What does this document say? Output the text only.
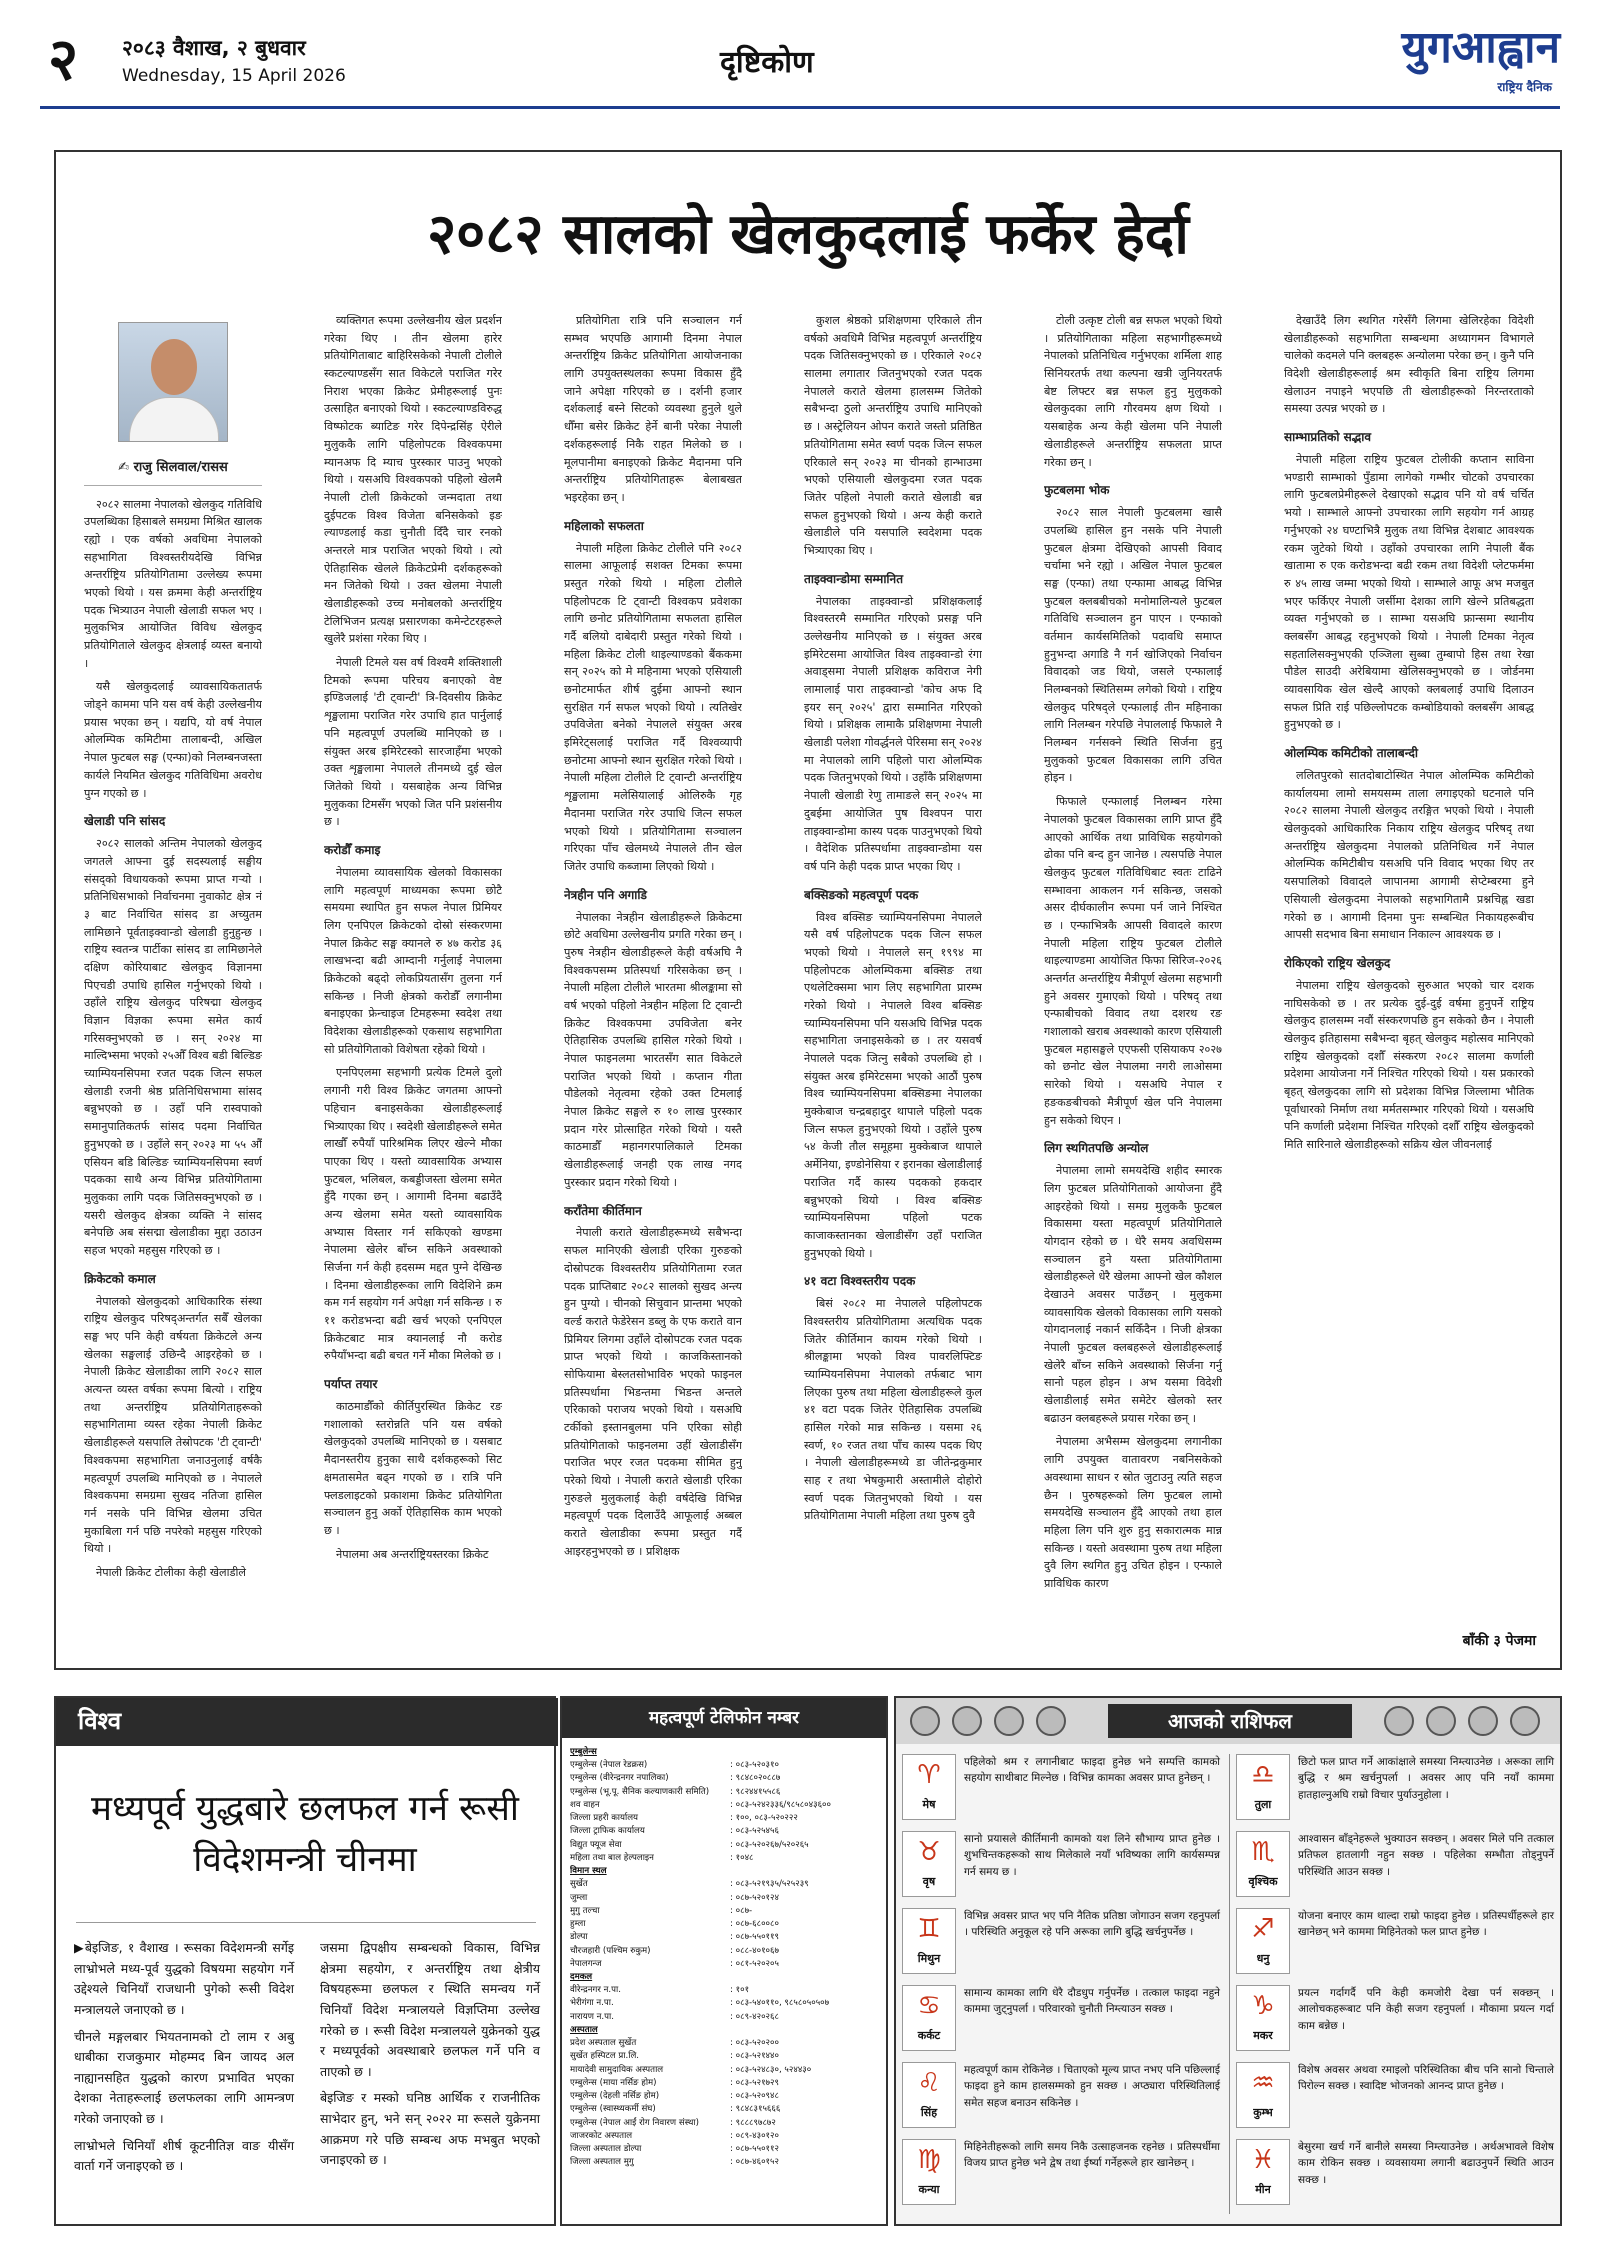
२ २०८३ वैशाख, २ बुधवार
Wednesday, 15 April 2026	दृष्टिकोण	युगआह्वान
राष्ट्रिय दैनिक
२०८२ सालको खेलकुदलाई फर्केर हेर्दा
✍ राजु सिलवाल/रासस

२०८२ सालमा नेपालको खेलकुद गतिविधि उपलब्धिका हिसाबले समग्रमा मिश्रित खालक रह्यो । एक वर्षको अवधिमा नेपालको सहभागिता विश्वस्तरीयदेखि विभिन्न अन्तर्राष्ट्रिय प्रतियोगितामा उल्लेख्य रूपमा भएको थियो । यस क्रममा केही अन्तर्राष्ट्रिय पदक भित्र्याउन नेपाली खेलाडी सफल भए । मुलुकभित्र आयोजित विविध खेलकुद प्रतियोगिताले खेलकुद क्षेत्रलाई व्यस्त बनायो ।

यसै खेलकुदलाई व्यावसायिकतातर्फ जोड्ने काममा पनि यस वर्ष केही उल्लेखनीय प्रयास भएका छन् । यद्यपि, यो वर्ष नेपाल ओलम्पिक कमिटीमा तालाबन्दी, अखिल नेपाल फुटबल सङ्घ (एन्फा)को निलम्बनजस्ता कार्यले नियमित खेलकुद गतिविधिमा अवरोध पुग्न गएको छ ।

खेलाडी पनि सांसद

२०८२ सालको अन्तिम नेपालको खेलकुद जगतले आफ्ना दुई सदस्यलाई सङ्घीय संसद्को विधायकको रूपमा प्राप्त गऱ्यो । प्रतिनिधिसभाको निर्वाचनमा नुवाकोट क्षेत्र नं ३ बाट निर्वाचित सांसद डा अच्युतम लामिछाने पूर्वताइक्वान्डो खेलाडी हुनुहुन्छ । राष्ट्रिय स्वतन्त्र पार्टीका सांसद डा लामिछानेले दक्षिण कोरियाबाट खेलकुद विज्ञानमा पिएचडी उपाधि हासिल गर्नुभएको थियो । उहाँले राष्ट्रिय खेलकुद परिषद्मा खेलकुद विज्ञान विज्ञका रूपमा समेत कार्य गरिसक्नुभएको छ । सन् २०२४ मा माल्दिभ्समा भएको २५औँ विश्व बडी बिल्डिङ च्याम्पियनसिपमा रजत पदक जित्न सफल खेलाडी रजनी श्रेष्ठ प्रतिनिधिसभामा सांसद बन्नुभएको छ । उहाँ पनि रास्वपाको समानुपातिकतर्फ सांसद पदमा निर्वाचित हुनुभएको छ । उहाँले सन् २०२३ मा ५५ औँ एसियन बडि बिल्डिङ च्याम्पियनसिपमा स्वर्ण पदकका साथै अन्य विभिन्न प्रतियोगितामा मुलुकका लागि पदक जितिसक्नुभएको छ । यसरी खेलकुद क्षेत्रका व्यक्ति ने सांसद बनेपछि अब संसद्मा खेलाडीका मुद्दा उठाउन सहज भएको महसुस गरिएको छ ।

क्रिकेटको कमाल

नेपालको खेलकुदको आधिकारिक संस्था राष्ट्रिय खेलकुद परिषद्अन्तर्गत सबैँ खेलका सङ्घ भए पनि केही वर्षयता क्रिकेटले अन्य खेलका सङ्घलाई उछिन्दै आइरहेको छ । नेपाली क्रिकेट खेलाडीका लागि २०८२ साल अत्यन्त व्यस्त वर्षका रूपमा बित्यो । राष्ट्रिय तथा अन्तर्राष्ट्रिय प्रतियोगिताहरूको सहभागितामा व्यस्त रहेका नेपाली क्रिकेट खेलाडीहरूले यसपालि तेस्रोपटक 'टी ट्वान्टी' विश्वकपमा सहभागिता जनाउनुलाई वर्षकै महत्वपूर्ण उपलब्धि मानिएको छ । नेपालले विश्वकपमा समग्रमा सुखद नतिजा हासिल गर्न नसके पनि विभिन्न खेलमा उचित मुकाबिला गर्न पछि नपरेको महसुस गरिएको थियो ।

नेपाली क्रिकेट टोलीका केही खेलाडीले

व्यक्तिगत रूपमा उल्लेखनीय खेल प्रदर्शन गरेका थिए । तीन खेलमा हारेर प्रतियोगिताबाट बाहिरिसकेको नेपाली टोलीले स्कटल्याण्डसँग सात विकेटले पराजित गरेर निराश भएका क्रिकेट प्रेमीहरूलाई पुनः उत्साहित बनाएको थियो । स्कटल्याण्डविरुद्ध विष्फोटक ब्याटिङ गरेर दिपेन्द्रसिंह ऐरीले मुलुककै लागि पहिलोपटक विश्वकपमा म्यानअफ दि म्याच पुरस्कार पाउनु भएको थियो । यसअघि विश्वकपको पहिलो खेलमै नेपाली टोली क्रिकेटको जन्मदाता तथा दुईपटक विश्व विजेता बनिसकेको इङ ल्याण्डलाई कडा चुनौती दिँदै चार रनको अन्तरले मात्र पराजित भएको थियो । त्यो ऐतिहासिक खेलले क्रिकेटप्रेमी दर्शकहरूको मन जितेको थियो । उक्त खेलमा नेपाली खेलाडीहरूको उच्च मनोबलको अन्तर्राष्ट्रिय टेलिभिजन प्रत्यक्ष प्रसारणका कमेन्टेटरहरूले खुलेरै प्रशंसा गरेका थिए ।

नेपाली टिमले यस वर्ष विश्वमै शक्तिशाली टिमको रूपमा परिचय बनाएको वेष्ट इण्डिजलाई 'टी ट्वान्टी' त्रि-दिवसीय क्रिकेट शृङ्खलामा पराजित गरेर उपाधि हात पार्नुलाई पनि महत्वपूर्ण उपलब्धि मानिएको छ । संयुक्त अरब इमिरेटस्को सारजाहँमा भएको उक्त शृङ्खलामा नेपालले तीनमध्ये दुई खेल जितेको थियो । यसबाहेक अन्य विभिन्न मुलुकका टिमसँग भएको जित पनि प्रशंसनीय छ ।

करोडौँ कमाइ

नेपालमा व्यावसायिक खेलको विकासका लागि महत्वपूर्ण माध्यमका रूपमा छोटै समयमा स्थापित हुन सफल नेपाल प्रिमियर लिग एनपिएल क्रिकेटको दोस्रो संस्करणमा नेपाल क्रिकेट सङ्घ क्यानले रु ४७ करोड ३६ लाखभन्दा बढी आम्दानी गर्नुलाई नेपालमा क्रिकेटको बढ्दो लोकप्रियतासँग तुलना गर्न सकिन्छ । निजी क्षेत्रको करोडौँ लगानीमा बनाइएका फ्रेन्चाइज टिमहरूमा स्वदेश तथा विदेशका खेलाडीहरूको एकसाथ सहभागिता सो प्रतियोगिताको विशेषता रहेको थियो ।

एनपिएलमा सहभागी प्रत्येक टिमले दुलो लगानी गरी विश्व क्रिकेट जगतमा आफ्नो पहिचान बनाइसकेका खेलाडीहरूलाई भित्र्याएका थिए । स्वदेशी खेलाडीहरूले समेत लाखौँ रुपैयाँ पारिश्रमिक लिएर खेल्ने मौका पाएका थिए । यस्तो व्यावसायिक अभ्यास फुटबल, भलिबल, कबड्डीजस्ता खेलमा समेत हुँदै गएका छन् । आगामी दिनमा बढाउँदै अन्य खेलमा समेत यस्तो व्यावसायिक अभ्यास विस्तार गर्न सकिएको खण्डमा नेपालमा खेलेर बाँच्न सकिने अवस्थाको सिर्जना गर्न केही हदसम्म मद्दत पुग्ने देखिन्छ । दिनमा खेलाडीहरूका लागि विदेशिने क्रम कम गर्न सहयोग गर्न अपेक्षा गर्न सकिन्छ । रु ११ करोडभन्दा बढी खर्च भएको एनपिएल क्रिकेटबाट मात्र क्यानलाई नौ करोड रुपैयाँभन्दा बढी बचत गर्ने मौका मिलेको छ ।

पर्याप्त तयार

काठमाडौँको कीर्तिपुरस्थित क्रिकेट रङ गशालाको स्तरोन्नति पनि यस वर्षको खेलकुदको उपलब्धि मानिएको छ । यसबाट मैदानस्तरीय हुनुका साथै दर्शकहरूको सिट क्षमतासमेत बढ्न गएको छ । रात्रि पनि फ्लडलाइटको प्रकाशमा क्रिकेट प्रतियोगिता सञ्चालन हुनु अर्को ऐतिहासिक काम भएको छ ।

नेपालमा अब अन्तर्राष्ट्रियस्तरका क्रिकेट

प्रतियोगिता रात्रि पनि सञ्चालन गर्न सम्भव भएपछि आगामी दिनमा नेपाल अन्तर्राष्ट्रिय क्रिकेट प्रतियोगिता आयोजनाका लागि उपयुक्तस्थलका रूपमा विकास हुँदै जाने अपेक्षा गरिएको छ । दर्शनी हजार दर्शकलाई बस्ने सिटको व्यवस्था हुनुले थुले धौँमा बसेर क्रिकेट हेर्ने बानी परेका नेपाली दर्शकहरूलाई निकै राहत मिलेको छ । मूलपानीमा बनाइएको क्रिकेट मैदानमा पनि अन्तर्राष्ट्रिय प्रतियोगिताहरू बेलाबखत भइरहेका छन् ।

महिलाको सफलता

नेपाली महिला क्रिकेट टोलीले पनि २०८२ सालमा आफूलाई सशक्त टिमका रूपमा प्रस्तुत गरेको थियो । महिला टोलीले पहिलोपटक टि ट्वान्टी विश्वकप प्रवेशका लागि छनोट प्रतियोगितामा सफलता हासिल गर्दै बलियो दाबेदारी प्रस्तुत गरेको थियो । महिला क्रिकेट टोली थाइल्याण्डको बैंककमा सन् २०२५ को मे महिनामा भएको एसियाली छनोटमार्फत शीर्ष दुईमा आफ्नो स्थान सुरक्षित गर्न सफल भएको थियो । त्यतिखेर उपविजेता बनेको नेपालले संयुक्त अरब इमिरेट्सलाई पराजित गर्दै विश्वव्यापी छनोटमा आफ्नो स्थान सुरक्षित गरेको थियो । नेपाली महिला टोलीले टि ट्वान्टी अन्तर्राष्ट्रिय शृङ्खलामा मलेसियालाई ओलिरुकै गृह मैदानमा पराजित गरेर उपाधि जित्न सफल भएको थियो । प्रतियोगितामा सञ्चालन गरिएका पाँच खेलमध्ये नेपालले तीन खेल जितेर उपाधि कब्जामा लिएको थियो ।

नेत्रहीन पनि अगाडि

नेपालका नेत्रहीन खेलाडीहरूले क्रिकेटमा छोटे अवधिमा उल्लेखनीय प्रगति गरेका छन् । पुरुष नेत्रहीन खेलाडीहरूले केही वर्षअघि नै विश्वकपसम्म प्रतिस्पर्धा गरिसकेका छन् । नेपाली महिला टोलीले भारतमा श्रीलङ्कामा सो वर्ष भएको पहिलो नेत्रहीन महिला टि ट्वान्टी क्रिकेट विश्वकपमा उपविजेता बनेर ऐतिहासिक उपलब्धि हासिल गरेको थियो । नेपाल फाइनलमा भारतसँग सात विकेटले पराजित भएको थियो । कप्तान गीता पौडेलको नेतृत्वमा रहेको उक्त टिमलाई नेपाल क्रिकेट सङ्घले रु १० लाख पुरस्कार प्रदान गरेर प्रोत्साहित गरेको थियो । यस्तै काठमाडौँ महानगरपालिकाले टिमका खेलाडीहरूलाई जनही एक लाख नगद पुरस्कार प्रदान गरेको थियो ।

कराँतेमा कीर्तिमान

नेपाली कराते खेलाडीहरूमध्ये सबैभन्दा सफल मानिएकी खेलाडी एरिका गुरुङको दोस्रोपटक विश्वस्तरीय प्रतियोगितामा रजत पदक प्राप्तिबाट २०८२ सालको सुखद अन्त्य हुन पुग्यो । चीनको सिचुवान प्रान्तमा भएको वर्ल्ड कराते फेडेरेसन डब्लु के एफ कराते वान प्रिमियर लिगमा उहाँले दोस्रोपटक रजत पदक प्राप्त भएको थियो । काजकिस्तानको सोफियामा बेस्लतसोभाविरु भएको फाइनल प्रतिस्पर्धामा भिडन्तमा भिडन्त अन्तले एरिकाको पराजय भएको थियो । यसअघि टर्कीको इस्तानबुलमा पनि एरिका सोही प्रतियोगिताको फाइनलमा उहीं खेलाडीसँग पराजित भएर रजत पदकमा सीमित हुनु परेको थियो । नेपाली कराते खेलाडी एरिका गुरुङले मुलुकलाई केही वर्षदेखि विभिन्न महत्वपूर्ण पदक दिलाउँदै आफूलाई अब्बल कराते खेलाडीका रूपमा प्रस्तुत गर्दै आइरहनुभएको छ । प्रशिक्षक

कुशल श्रेष्ठको प्रशिक्षणमा एरिकाले तीन वर्षको अवधिमै विभिन्न महत्वपूर्ण अन्तर्राष्ट्रिय पदक जितिसक्नुभएको छ । एरिकाले २०८२ सालमा लगातार जितनुभएको रजत पदक नेपालले कराते खेलमा हालसम्म जितेको सबैभन्दा ठुलो अन्तर्राष्ट्रिय उपाधि मानिएको छ । अस्ट्रेलियन ओपन कराते जस्तो प्रतिष्ठित प्रतियोगितामा समेत स्वर्ण पदक जित्न सफल एरिकाले सन् २०२३ मा चीनको हान्भाउमा भएको एसियाली खेलकुदमा रजत पदक जितेर पहिलो नेपाली कराते खेलाडी बन्न सफल हुनुभएको थियो । अन्य केही कराते खेलाडीले पनि यसपालि स्वदेशमा पदक भित्र्याएका थिए ।

ताइक्वान्डोमा सम्मानित

नेपालका ताइक्वान्डो प्रशिक्षकलाई विश्वस्तरमै सम्मानित गरिएको प्रसङ्ग पनि उल्लेखनीय मानिएको छ । संयुक्त अरब इमिरेटसमा आयोजित विश्व ताइक्वान्डो रंगा अवाड्समा नेपाली प्रशिक्षक कविराज नेगी लामालाई पारा ताइक्वान्डो 'कोच अफ दि इयर सन् २०२५' द्वारा सम्मानित गरिएको थियो । प्रशिक्षक लामाकै प्रशिक्षणमा नेपाली खेलाडी पलेशा गोवर्द्धनले पेरिसमा सन् २०२४ मा नेपालको लागि पहिलो पारा ओलम्पिक पदक जितनुभएको थियो । उहाँकै प्रशिक्षणमा नेपाली खेलाडी रेणु तामाङले सन् २०२५ मा दुबईमा आयोजित पुष विश्वपन पारा ताइक्वान्डोमा कास्य पदक पाउनुभएको थियो । वैदेशिक प्रतिस्पर्धामा ताइक्वान्डोमा यस वर्ष पनि केही पदक प्राप्त भएका थिए ।

बक्सिङको महत्वपूर्ण पदक

विश्व बक्सिङ च्याम्पियनसिपमा नेपालले यसै वर्ष पहिलोपटक पदक जित्न सफल भएको थियो । नेपालले सन् १९९४ मा पहिलोपटक ओलम्पिकमा बक्सिङ तथा एथलेटिक्समा भाग लिए सहभागिता प्रारम्भ गरेको थियो । नेपालले विश्व बक्सिङ च्याम्पियनसिपमा पनि यसअघि विभिन्न पदक सहभागिता जनाइसकेको छ । तर यसवर्ष नेपालले पदक जित्नु सबैको उपलब्धि हो । संयुक्त अरब इमिरेटसमा भएको आठौं पुरुष विश्व च्याम्पियनसिपमा बक्सिङमा नेपालका मुक्केबाज चन्द्रबहादुर थापाले पहिलो पदक जित्न सफल हुनुभएको थियो । उहाँले पुरुष ५४ केजी तौल समूहमा मुक्केबाज थापाले अर्मेनिया, इण्डोनेसिया र इरानका खेलाडीलाई पराजित गर्दै कास्य पदकको हकदार बन्नुभएको थियो । विश्व बक्सिङ च्याम्पियनसिपमा पहिलो पटक काजाकस्तानका खेलाडीसँग उहाँ पराजित हुनुभएको थियो ।

४१ वटा विश्वस्तरीय पदक

बिसं २०८२ मा नेपालले पहिलोपटक विश्वस्तरीय प्रतियोगितामा अत्यधिक पदक जितेर कीर्तिमान कायम गरेको थियो । श्रीलङ्कामा भएको विश्व पावरलिफ्टिङ च्याम्पियनसिपमा नेपालको तर्फबाट भाग लिएका पुरुष तथा महिला खेलाडीहरूले कुल ४१ वटा पदक जितेर ऐतिहासिक उपलब्धि हासिल गरेको मान्न सकिन्छ । यसमा २६ स्वर्ण, १० रजत तथा पाँच कास्य पदक थिए । नेपाली खेलाडीहरूमध्ये डा जीतेन्द्रकुमार साह र तथा भेषकुमारी अस्तामीले दोहोरो स्वर्ण पदक जितनुभएको थियो । यस प्रतियोगितामा नेपाली महिला तथा पुरुष दुवै

टोली उत्कृष्ट टोली बन्न सफल भएको थियो । प्रतियोगिताका महिला सहभागीहरूमध्ये नेपालको प्रतिनिधित्व गर्नुभएका शर्मिला शाह सिनियरतर्फ तथा कल्पना खत्री जुनियरतर्फ बेष्ट लिफ्टर बन्न सफल हुनु मुलुकको खेलकुदका लागि गौरवमय क्षण थियो । यसबाहेक अन्य केही खेलमा पनि नेपाली खेलाडीहरूले अन्तर्राष्ट्रिय सफलता प्राप्त गरेका छन् ।

फुटबलमा भोक

२०८२ साल नेपाली फुटबलमा खासै उपलब्धि हासिल हुन नसके पनि नेपाली फुटबल क्षेत्रमा देखिएको आपसी विवाद चर्चामा भने रह्यो । अखिल नेपाल फुटबल सङ्घ (एन्फा) तथा एन्फामा आबद्ध विभिन्न फुटबल क्लबबीचको मनोमालिन्यले फुटबल गतिविधि सञ्चालन हुन पाएन । एन्फाको वर्तमान कार्यसमितिको पदावधि समाप्त हुनुभन्दा अगाडि नै गर्न खोजिएको निर्वाचन विवादको जड थियो, जसले एन्फालाई निलम्बनको स्थितिसम्म लगेको थियो । राष्ट्रिय खेलकुद परिषद्ले एन्फालाई तीन महिनाका लागि निलम्बन गरेपछि नेपाललाई फिफाले नै निलम्बन गर्नसक्ने स्थिति सिर्जना हुनु मुलुकको फुटबल विकासका लागि उचित होइन ।

फिफाले एन्फालाई निलम्बन गरेमा नेपालको फुटबल विकासका लागि प्राप्त हुँदै आएको आर्थिक तथा प्राविधिक सहयोगको ढोका पनि बन्द हुन जानेछ । त्यसपछि नेपाल खेलकुद फुटबल गतिविधिबाट स्वतः टाढिने सम्भावना आकलन गर्न सकिन्छ, जसको असर दीर्घकालीन रूपमा पर्न जाने निश्चित छ । एन्फाभित्रकै आपसी विवादले कारण नेपाली महिला राष्ट्रिय फुटबल टोलीले थाइल्याण्डमा आयोजित फिफा सिरिज-२०२६ अन्तर्गत अन्तर्राष्ट्रिय मैत्रीपूर्ण खेलमा सहभागी हुने अवसर गुमाएको थियो । परिषद् तथा एन्फाबीचको विवाद तथा दशरथ रङ गशालाको खराब अवस्थाको कारण एसियाली फुटबल महासङ्घले एएफसी एसियाकप २०२७ को छनोट खेल नेपालमा नगरी लाओसमा सारेको थियो । यसअघि नेपाल र हङकङबीचको मैत्रीपूर्ण खेल पनि नेपालमा हुन सकेको थिएन ।

लिग स्थगितपछि अन्योल

नेपालमा लामो समयदेखि शहीद स्मारक लिग फुटबल प्रतियोगिताको आयोजना हुँदै आइरहेको थियो । समग्र मुलुककै फुटबल विकासमा यस्ता महत्वपूर्ण प्रतियोगिताले योगदान रहेको छ । धेरै समय अवधिसम्म सञ्चालन हुने यस्ता प्रतियोगितामा खेलाडीहरूले धेरै खेलमा आफ्नो खेल कौशल देखाउने अवसर पाउँछन् । मुलुकमा व्यावसायिक खेलको विकासका लागि यसको योगदानलाई नकार्न सकिँदैन । निजी क्षेत्रका नेपाली फुटबल क्लबहरूले खेलाडीहरूलाई खेलेरै बाँच्न सकिने अवस्थाको सिर्जना गर्नु सानो पहल होइन । अभ यसमा विदेशी खेलाडीलाई समेत समेटेर खेलको स्तर बढाउन क्लबहरूले प्रयास गरेका छन् ।

नेपालमा अभैसम्म खेलकुदमा लगानीका लागि उपयुक्त वातावरण नबनिसकेको अवस्थामा साधन र स्रोत जुटाउनु त्यति सहज छैन । पुरुषहरूको लिग फुटबल लामो समयदेखि सञ्चालन हुँदै आएको तथा हाल महिला लिग पनि शुरु हुनु सकारात्मक मान्न सकिन्छ । यस्तो अवस्थामा पुरुष तथा महिला दुवै लिग स्थगित हुनु उचित होइन । एन्फाले प्राविधिक कारण

देखाउँदै लिग स्थगित गरेसँगै लिगमा खेलिरहेका विदेशी खेलाडीहरूको सहभागिता सम्बन्धमा अध्यागमन विभागले चालेको कदमले पनि क्लबहरू अन्योलमा परेका छन् । कुनै पनि विदेशी खेलाडीहरूलाई श्रम स्वीकृति बिना राष्ट्रिय लिगमा खेलाउन नपाइने भएपछि ती खेलाडीहरूको निरन्तरताको समस्या उत्पन्न भएको छ ।

साम्भाप्रतिको सद्भाव

नेपाली महिला राष्ट्रिय फुटबल टोलीकी कप्तान साविना भण्डारी साम्भाको पुँडामा लागेको गम्भीर चोटको उपचारका लागि फुटबलप्रेमीहरूले देखाएको सद्भाव पनि यो वर्ष चर्चित भयो । साम्भाले आफ्नो उपचारका लागि सहयोग गर्न आग्रह गर्नुभएको २४ घण्टाभित्रै मुलुक तथा विभिन्न देशबाट आवश्यक रकम जुटेको थियो । उहाँको उपचारका लागि नेपाली बैंक खातामा रु एक करोडभन्दा बढी रकम तथा विदेशी प्लेटफर्ममा रु ४५ लाख जम्मा भएको थियो । साम्भाले आफू अभ मजबुत भएर फर्किएर नेपाली जर्सीमा देशका लागि खेल्ने प्रतिबद्धता व्यक्त गर्नुभएको छ । साम्भा यसअघि फ्रान्समा स्थानीय क्लबसँग आबद्ध रहनुभएको थियो । नेपाली टिमका नेतृत्व सहतालिसक्नुभएकी एञ्जिला सुब्बा तुम्बापो हिस तथा रेखा पौडेल साउदी अरेबियामा खेलिसक्नुभएको छ । जोर्डनमा व्यावसायिक खेल खेल्दै आएको क्लबलाई उपाधि दिलाउन सफल प्रिति राई पछिल्लोपटक कम्बोडियाको क्लबसँग आबद्ध हुनुभएको छ ।

ओलम्पिक कमिटीको तालाबन्दी

ललितपुरको सातदोबाटोस्थित नेपाल ओलम्पिक कमिटीको कार्यालयमा लामो समयसम्म ताला लगाइएको घटनाले पनि २०८२ सालमा नेपाली खेलकुद तरङ्गित भएको थियो । नेपाली खेलकुदको आधिकारिक निकाय राष्ट्रिय खेलकुद परिषद् तथा अन्तर्राष्ट्रिय खेलकुदमा नेपालको प्रतिनिधित्व गर्ने नेपाल ओलम्पिक कमिटीबीच यसअघि पनि विवाद भएका थिए तर यसपालिको विवादले जापानमा आगामी सेप्टेम्बरमा हुने एसियाली खेलकुदमा नेपालको सहभागितामै प्रश्नचिह्न खडा गरेको छ । आगामी दिनमा पुनः सम्बन्धित निकायहरूबीच आपसी सदभाव बिना समाधान निकाल्न आवश्यक छ ।

रोकिएको राष्ट्रिय खेलकुद

नेपालमा राष्ट्रिय खेलकुदको सुरुआत भएको चार दशक नाघिसकेको छ । तर प्रत्येक दुई-दुई वर्षमा हुनुपर्ने राष्ट्रिय खेलकुद हालसम्म नवौं संस्करणपछि हुन सकेको छैन । नेपाली खेलकुद इतिहासमा सबैभन्दा बृहत् खेलकुद महोत्सव मानिएको राष्ट्रिय खेलकुदको दशौँ संस्करण २०८२ सालमा कर्णाली प्रदेशमा आयोजना गर्ने निश्चित गरिएको थियो । यस प्रकारको बृहत् खेलकुदका लागि सो प्रदेशका विभिन्न जिल्लामा भौतिक पूर्वाधारको निर्माण तथा मर्मतसम्भार गरिएको थियो । यसअघि पनि कर्णाली प्रदेशमा निश्चित गरिएको दशौँ राष्ट्रिय खेलकुदको मिति सारिनाले खेलाडीहरूको सक्रिय खेल जीवनलाई

बाँकी ३ पेजमा
विश्व
मध्यपूर्व युद्धबारे छलफल गर्न रूसी विदेशमन्त्री चीनमा

▶बेइजिङ, १ वैशाख । रूसका विदेशमन्त्री सर्गेइ लाभ्रोभले मध्य-पूर्व युद्धको विषयमा सहयोग गर्ने उद्देश्यले चिनियाँ राजधानी पुगेको रूसी विदेश मन्त्रालयले जनाएको छ ।

चीनले मङ्गलबार भियतनामको टो लाम र अबु धाबीका राजकुमार मोहम्मद बिन जायद अल नाह्यानसहित युद्धको कारण प्रभावित भएका देशका नेताहरूलाई छलफलका लागि आमन्त्रण गरेको जनाएको छ ।

लाभ्रोभले चिनियाँ शीर्ष कूटनीतिज्ञ वाङ यीसँग वार्ता गर्ने जनाइएको छ ।

जसमा द्विपक्षीय सम्बन्धको विकास, विभिन्न क्षेत्रमा सहयोग, र अन्तर्राष्ट्रिय तथा क्षेत्रीय विषयहरूमा छलफल र स्थिति समन्वय गर्ने चिनियाँ विदेश मन्त्रालयले विज्ञप्तिमा उल्लेख गरेको छ । रूसी विदेश मन्त्रालयले युक्रेनको युद्ध र मध्यपूर्वको अवस्थाबारे छलफल गर्ने पनि व ताएको छ ।

बेइजिङ र मस्को घनिष्ठ आर्थिक र राजनीतिक साभेदार हुन्, भने सन् २०२२ मा रूसले युक्रेनमा आक्रमण गरे पछि सम्बन्ध अफ मभबुत भएको जनाइएको छ ।

महत्वपूर्ण टेलिफोन नम्बर
एम्बुलेन्स
एम्बुलेन्स (नेपाल रेडक्रस)	: ०८३-५२०३१०
एम्बुलेन्स (वीरेन्द्रनगर नपालिका)	: ९८४८०२०८८७
एम्बुलेन्स (भू.पू. सैनिक कल्याणकारी समिति)	: ९८२४४१५५८६
शव वाहन	: ०८३-५२४२३३६/९८५८०४३६००
जिल्ला प्रहरी कार्यालय	: १००, ०८३-५२०२२२
जिल्ला ट्राफिक कार्यालय	: ०८३-५२५४५६
विद्युत फ्यूज सेवा	: ०८३-५२०२६७/५२०२६५
महिला तथा बाल हेल्पलाइन	: १०४८
विमान स्थल
सुर्खेत	: ०८३-५२१९३५/५२५२३९
जुम्ला	: ०८७-५२०१२४
मुगु तल्चा	: ०८७-
हुम्ला	: ०८७-६८००८०
डोल्पा	: ०८७-५५०११९
चौरजहारी (पश्चिम रुकुम)	: ०८८-४०१०६७
नेपालगन्ज	: ०८१-५२०२०५
दमकल
वीरेन्द्रनगर न.पा.	: १०१
भेरीगंगा न.पा.	: ०८३-५४०११०, ९८५८०५०५०७
नारायण न.पा.	: ०८९-४२०२६८
अस्पताल
प्रदेश अस्पताल सुर्खेत	: ०८३-५२०२००
सुर्खेत हस्पिटल प्रा.लि.	: ०८३-५२१४४०
मायादेवी सामुदायिक अस्पताल	: ०८३-५२४८३०, ५२४४३०
एम्बुलेन्स (माया नर्सिङ होम)	: ०८३-५२१७२९
एम्बुलेन्स (देहली नर्सिङ होम)	: ०८३-५२०९४८
एम्बुलेन्स (स्वास्थ्यकर्मी संघ)	: ९८४८३१५६६६
एम्बुलेन्स (नेपाल आईं रोग निवारण संस्था)	: ९८८८९७८७२
जाजरकोट अस्पताल	: ०८९-४३०१२०
जिल्ला अस्पताल डोल्पा	: ०८७-५५०११२
जिल्ला अस्पताल मुगु	: ०८७-४६०१५२
आजको राशिफल
♈
मेष
पहिलेको श्रम र लगानीबाट फाइदा हुनेछ भने सम्पत्ति कामको सहयोग साथीबाट मिल्नेछ । विभिन्न कामका अवसर प्राप्त हुनेछन् ।
♉
वृष
सानो प्रयासले कीर्तिमानी कामको यश लिने सौभाग्य प्राप्त हुनेछ । शुभचिन्तकहरूको साथ मिलेकाले नयाँ भविष्यका लागि कार्यसम्पन्न गर्न समय छ ।
♊
मिथुन
विभिन्न अवसर प्राप्त भए पनि नैतिक प्रतिष्ठा जोगाउन सजग रहनुपर्ला । परिस्थिति अनुकूल रहे पनि अरूका लागि बुद्धि खर्चनुपर्नेछ ।
♋
कर्कट
सामान्य कामका लागि धेरै दौडधुप गर्नुपर्नेछ । तत्काल फाइदा नहुने काममा जुट्नुपर्ला । परिवारको चुनौती निम्त्याउन सक्छ ।
♌
सिंह
महत्वपूर्ण काम रोकिनेछ । चिताएको मूल्य प्राप्त नभए पनि पछिल्लाई फाइदा हुने काम हालसम्मको हुन सक्छ । अप्ठ्यारा परिस्थितिलाई समेत सहज बनाउन सकिनेछ ।
♍
कन्या
मिहिनेतीहरूको लागि समय निकै उत्साहजनक रहनेछ । प्रतिस्पर्धीमा विजय प्राप्त हुनेछ भने द्वेष तथा ईर्ष्या गर्नेहरूले हार खानेछन् ।
♎
तुला
छिटो फल प्राप्त गर्ने आकांक्षाले समस्या निम्त्याउनेछ । अरूका लागि बुद्धि र श्रम खर्चनुपर्ला । अवसर आए पनि नयाँ काममा हातहाल्नुअघि राम्रो विचार पुर्याउनुहोला ।
♏
वृश्चिक
आश्वासन बाँड्नेहरूले भुक्याउन सक्छन् । अवसर मिले पनि तत्काल प्रतिफल हातलागी नहुन सक्छ । पहिलेका सम्भौता तोड्नुपर्ने परिस्थिति आउन सक्छ ।
♐
धनु
योजना बनाएर काम थाल्दा राम्रो फाइदा हुनेछ । प्रतिस्पर्धीहरूले हार खानेछन् भने काममा मिहिनेतको फल प्राप्त हुनेछ ।
♑
मकर
प्रयत्न गर्दागर्दै पनि केही कमजोरी देखा पर्न सक्छन् । आलोचकहरूबाट पनि केही सजग रहनुपर्ला । मौकामा प्रयत्न गर्दा काम बन्नेछ ।
♒
कुम्भ
विशेष अवसर अथवा रमाइलो परिस्थितिका बीच पनि सानो चिन्ताले पिरोल्न सक्छ । स्वादिष्ट भोजनको आनन्द प्राप्त हुनेछ ।
♓
मीन
बेसुरमा खर्च गर्ने बानीले समस्या निम्त्याउनेछ । अर्थअभावले विशेष काम रोकिन सक्छ । व्यवसायमा लगानी बढाउनुपर्ने स्थिति आउन सक्छ ।
